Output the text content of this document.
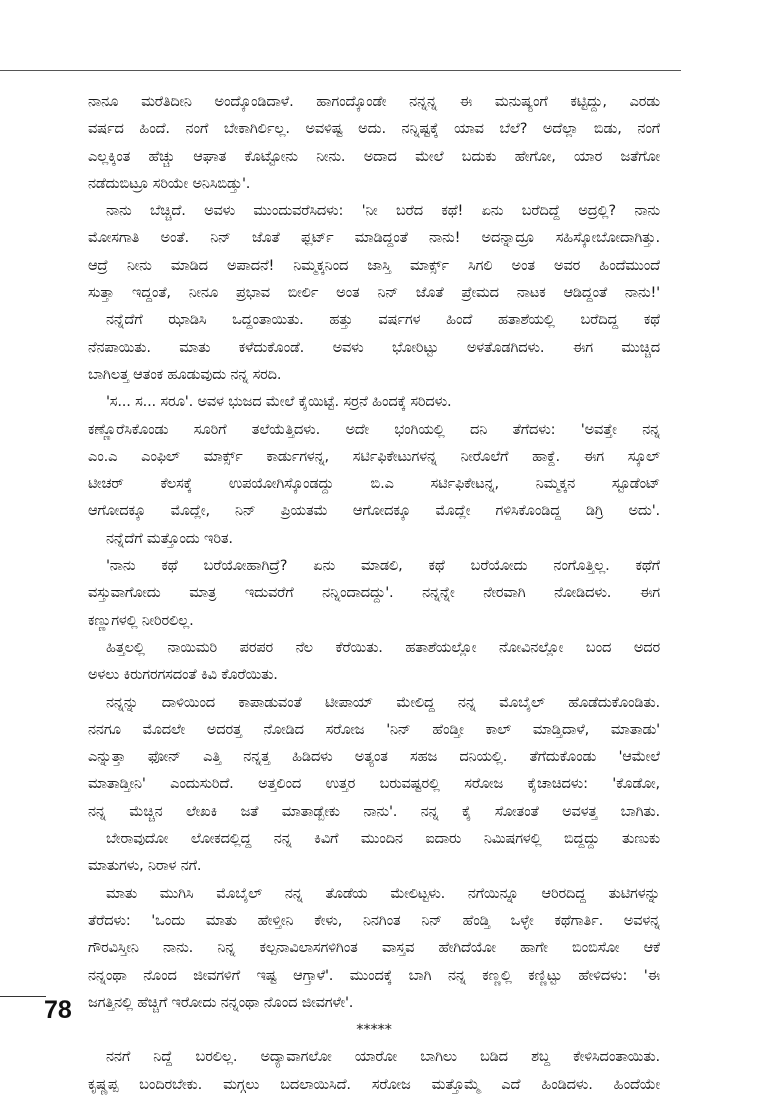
ನಾನೂ ಮರೆತಿದೀನಿ ಅಂದ್ಕೊಂಡಿದಾಳೆ. ಹಾಗಂದ್ಕೊಂಡೇ ನನ್ನನ್ನ ಈ ಮನುಷ್ಯಂಗೆ ಕಟ್ಟಿದ್ದು, ಎರಡು
ವರ್ಷದ ಹಿಂದೆ. ನಂಗೆ ಬೇಕಾಗಿರ್ಲಿಲ್ಲ. ಅವಳಿಷ್ಟ ಅದು. ನನ್ನಿಷ್ಟಕ್ಕೆ ಯಾವ ಬೆಲೆ? ಅದೆಲ್ಲಾ ಬಿಡು, ನಂಗೆ
ಎಲ್ಲಕ್ಕಿಂತ ಹೆಚ್ಚು ಆಘಾತ ಕೊಟ್ಟೋನು ನೀನು. ಅದಾದ ಮೇಲೆ ಬದುಕು ಹೇಗೋ, ಯಾರ ಜತೆಗೋ
ನಡೆದುಬಿಟ್ರೂ ಸರಿಯೇ ಅನಿಸಿಬಿಡ್ತು'.
ನಾನು ಬೆಚ್ಚಿದೆ. ಅವಳು ಮುಂದುವರೆಸಿದಳು: 'ನೀ ಬರೆದ ಕಥೆ! ಏನು ಬರೆದಿದ್ದೆ ಅದ್ರಲ್ಲಿ? ನಾನು
ಮೋಸಗಾತಿ ಅಂತೆ. ನಿನ್ ಜೊತೆ ಫ್ಲರ್ಟ್ ಮಾಡಿದ್ದಂತೆ ನಾನು! ಅದನ್ನಾದ್ರೂ ಸಹಿಸ್ಕೋಬೋದಾಗಿತ್ತು.
ಆದ್ರೆ ನೀನು ಮಾಡಿದ ಅಪಾದನೆ! ನಿಮ್ಮಕ್ಕನಿಂದ ಜಾಸ್ತಿ ಮಾರ್ಕ್ಸ್ ಸಿಗಲಿ ಅಂತ ಅವರ ಹಿಂದೆಮುಂದೆ
ಸುತ್ತಾ ಇದ್ದಂತೆ, ನೀನೂ ಪ್ರಭಾವ ಬೀರ್ಲಿ ಅಂತ ನಿನ್ ಜೊತೆ ಪ್ರೇಮದ ನಾಟಕ ಆಡಿದ್ದಂತೆ ನಾನು!'
ನನ್ನೆದೆಗೆ ಝಾಡಿಸಿ ಒದ್ದಂತಾಯಿತು. ಹತ್ತು ವರ್ಷಗಳ ಹಿಂದೆ ಹತಾಶೆಯಲ್ಲಿ ಬರೆದಿದ್ದ ಕಥೆ
ನೆನಪಾಯಿತು. ಮಾತು ಕಳೆದುಕೊಂಡೆ. ಅವಳು ಭೋರಿಟ್ಟು ಅಳತೊಡಗಿದಳು. ಈಗ ಮುಚ್ಚಿದ
ಬಾಗಿಲತ್ತ ಆತಂಕ ಹೂಡುವುದು ನನ್ನ ಸರದಿ.
'ಸ... ಸ... ಸರೂ'. ಅವಳ ಭುಜದ ಮೇಲೆ ಕೈಯಿಟ್ಟೆ. ಸರ್ರನೆ ಹಿಂದಕ್ಕೆ ಸರಿದಳು.
ಕಣ್ಣೊರೆಸಿಕೊಂಡು ಸೂರಿಗೆ ತಲೆಯೆತ್ತಿದಳು. ಅದೇ ಭಂಗಿಯಲ್ಲಿ ದನಿ ತೆಗೆದಳು: 'ಅವತ್ತೇ ನನ್ನ
ಎಂ.ಎ ಎಂಫಿಲ್ ಮಾರ್ಕ್ಸ್ ಕಾರ್ಡುಗಳನ್ನ, ಸರ್ಟಿಫಿಕೇಟುಗಳನ್ನ ನೀರೊಲೆಗೆ ಹಾಕ್ದೆ. ಈಗ ಸ್ಕೂಲ್
ಟೀಚರ್ ಕೆಲಸಕ್ಕೆ ಉಪಯೋಗಿಸ್ಕೊಂಡದ್ದು ಬಿ.ಎ ಸರ್ಟಿಫಿಕೇಟನ್ನ, ನಿಮ್ಮಕ್ಕನ ಸ್ಟೂಡೆಂಟ್
ಆಗೋದಕ್ಕೂ ಮೊದ್ಲೇ, ನಿನ್ ಪ್ರಿಯತಮೆ ಆಗೋದಕ್ಕೂ ಮೊದ್ಲೇ ಗಳಿಸಿಕೊಂಡಿದ್ದ ಡಿಗ್ರಿ ಅದು'.
ನನ್ನೆದೆಗೆ ಮತ್ತೊಂದು ಇರಿತ.
'ನಾನು ಕಥೆ ಬರೆಯೋಹಾಗಿದ್ರೆ? ಏನು ಮಾಡಲಿ, ಕಥೆ ಬರೆಯೋದು ನಂಗೊತ್ತಿಲ್ಲ. ಕಥೆಗೆ
ವಸ್ತುವಾಗೋದು ಮಾತ್ರ ಇದುವರೆಗೆ ನನ್ನಿಂದಾದದ್ದು'. ನನ್ನನ್ನೇ ನೇರವಾಗಿ ನೋಡಿದಳು. ಈಗ
ಕಣ್ಣುಗಳಲ್ಲಿ ನೀರಿರಲಿಲ್ಲ.
ಹಿತ್ತಲಲ್ಲಿ ನಾಯಿಮರಿ ಪರಪರ ನೆಲ ಕೆರೆಯಿತು. ಹತಾಶೆಯಲ್ಲೋ ನೋವಿನಲ್ಲೋ ಬಂದ ಅದರ
ಅಳಲು ಕಿರುಗರಗಸದಂತೆ ಕಿವಿ ಕೊರೆಯಿತು.
ನನ್ನನ್ನು ದಾಳಿಯಿಂದ ಕಾಪಾಡುವಂತೆ ಟೀಪಾಯ್ ಮೇಲಿದ್ದ ನನ್ನ ಮೊಬೈಲ್ ಹೊಡೆದುಕೊಂಡಿತು.
ನನಗೂ ಮೊದಲೇ ಅದರತ್ತ ನೋಡಿದ ಸರೋಜ 'ನಿನ್ ಹೆಂಡ್ತೀ ಕಾಲ್ ಮಾಡ್ತಿದಾಳೆ, ಮಾತಾಡು'
ಎನ್ನುತ್ತಾ ಫೋನ್ ಎತ್ತಿ ನನ್ನತ್ತ ಹಿಡಿದಳು ಅತ್ಯಂತ ಸಹಜ ದನಿಯಲ್ಲಿ. ತೆಗೆದುಕೊಂಡು 'ಆಮೇಲೆ
ಮಾತಾಡ್ತೀನಿ' ಎಂದುಸುರಿದೆ. ಅತ್ತಲಿಂದ ಉತ್ತರ ಬರುವಷ್ಟರಲ್ಲಿ ಸರೋಜ ಕೈಚಾಚಿದಳು: 'ಕೊಡೋ,
ನನ್ನ ಮೆಚ್ಚಿನ ಲೇಖಕಿ ಜತೆ ಮಾತಾಡ್ಬೇಕು ನಾನು'. ನನ್ನ ಕೈ ಸೋತಂತೆ ಅವಳತ್ತ ಬಾಗಿತು.
ಬೇರಾವುದೋ ಲೋಕದಲ್ಲಿದ್ದ ನನ್ನ ಕಿವಿಗೆ ಮುಂದಿನ ಐದಾರು ನಿಮಿಷಗಳಲ್ಲಿ ಬಿದ್ದದ್ದು ತುಣುಕು
ಮಾತುಗಳು, ನಿರಾಳ ನಗೆ.
ಮಾತು ಮುಗಿಸಿ ಮೊಬೈಲ್ ನನ್ನ ತೊಡೆಯ ಮೇಲಿಟ್ಟಳು. ನಗೆಯಿನ್ನೂ ಆರಿರದಿದ್ದ ತುಟಿಗಳನ್ನು
ತೆರೆದಳು: 'ಒಂದು ಮಾತು ಹೇಳ್ತೀನಿ ಕೇಳು, ನಿನಗಿಂತ ನಿನ್ ಹೆಂಡ್ತಿ ಒಳ್ಳೇ ಕಥೆಗಾರ್ತಿ. ಅವಳನ್ನ
ಗೌರವಿಸ್ತೀನಿ ನಾನು. ನಿನ್ನ ಕಲ್ಪನಾವಿಲಾಸಗಳಿಗಿಂತ ವಾಸ್ತವ ಹೇಗಿದೆಯೋ ಹಾಗೇ ಬಿಂಬಿಸೋ ಆಕೆ
ನನ್ನಂಥಾ ನೊಂದ ಜೀವಗಳಿಗೆ ಇಷ್ಟ ಆಗ್ತಾಳೆ'. ಮುಂದಕ್ಕೆ ಬಾಗಿ ನನ್ನ ಕಣ್ಣಲ್ಲಿ ಕಣ್ಣಿಟ್ಟು ಹೇಳಿದಳು: 'ಈ
ಜಗತ್ತಿನಲ್ಲಿ ಹೆಚ್ಚಿಗೆ ಇರೋದು ನನ್ನಂಥಾ ನೊಂದ ಜೀವಗಳೇ'.
*****
ನನಗೆ ನಿದ್ದೆ ಬರಲಿಲ್ಲ. ಅದ್ಯಾವಾಗಲೋ ಯಾರೋ ಬಾಗಿಲು ಬಡಿದ ಶಬ್ದ ಕೇಳಿಸಿದಂತಾಯಿತು.
ಕೃಷ್ಣಪ್ಪ ಬಂದಿರಬೇಕು. ಮಗ್ಗಲು ಬದಲಾಯಿಸಿದೆ. ಸರೋಜ ಮತ್ತೊಮ್ಮೆ ಎದೆ ಹಿಂಡಿದಳು. ಹಿಂದೆಯೇ
78
